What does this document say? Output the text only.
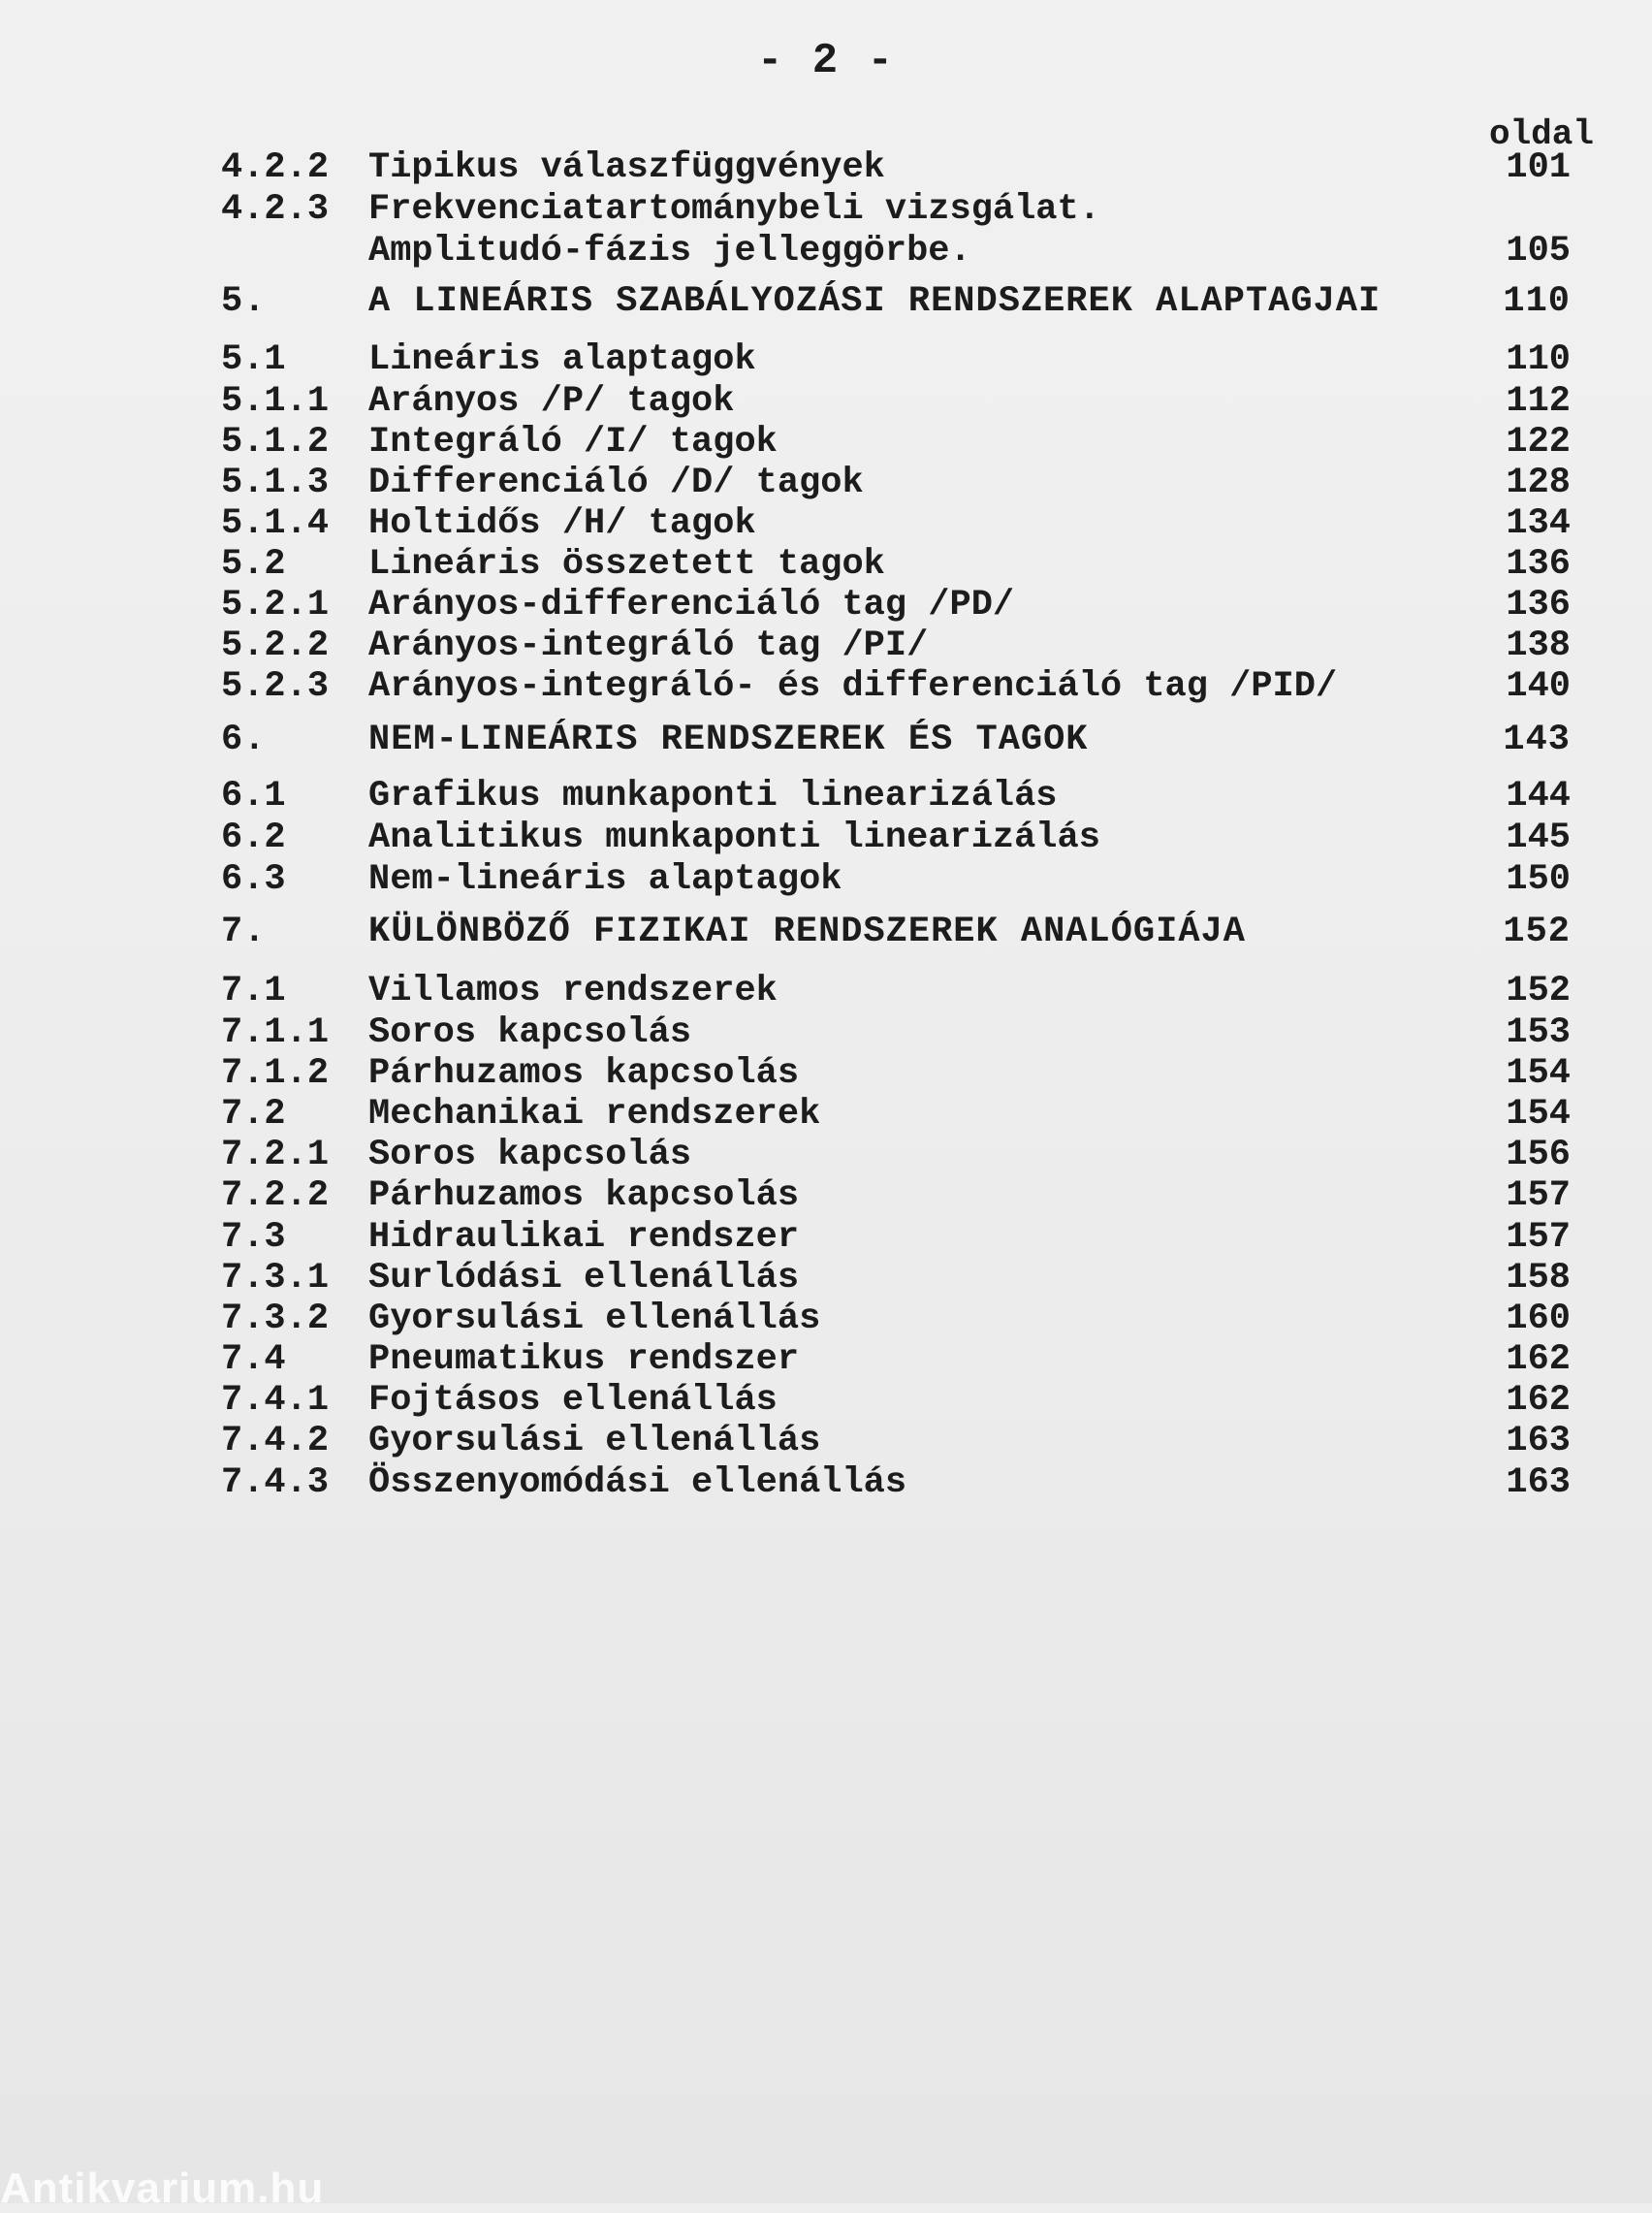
- 2 -
oldal
4.2.2 Tipikus válaszfüggvények	101
4.2.3 Frekvenciatartománybeli vizsgálat.
Amplitudó-fázis jelleggörbe.	105
5.	A LINEÁRIS SZABÁLYOZÁSI RENDSZEREK ALAPTAGJAI	110
5.1 Lineáris alaptagok	110
5.1.1 Arányos /P/ tagok	112
5.1.2 Integráló /I/ tagok	122
5.1.3 Differenciáló /D/ tagok	128
5.1.4 Holtidős /H/ tagok	134
5.2 Lineáris összetett tagok	136
5.2.1 Arányos-differenciáló tag /PD/	136
5.2.2 Arányos-integráló tag /PI/	138
5.2.3 Arányos-integráló- és differenciáló tag /PID/	140
6.	NEM-LINEÁRIS RENDSZEREK ÉS TAGOK	143
6.1 Grafikus munkaponti linearizálás	144
6.2 Analitikus munkaponti linearizálás	145
6.3 Nem-lineáris alaptagok	150
7.	KÜLÖNBÖZŐ FIZIKAI RENDSZEREK ANALÓGIÁJA	152
7.1 Villamos rendszerek	152
7.1.1 Soros kapcsolás	153
7.1.2 Párhuzamos kapcsolás	154
7.2 Mechanikai rendszerek	154
7.2.1 Soros kapcsolás	156
7.2.2 Párhuzamos kapcsolás	157
7.3 Hidraulikai rendszer	157
7.3.1 Surlódási ellenállás	158
7.3.2 Gyorsulási ellenállás	160
7.4 Pneumatikus rendszer	162
7.4.1 Fojtásos ellenállás	162
7.4.2 Gyorsulási ellenállás	163
7.4.3 Összenyomódási ellenállás	163
Antikvarium.hu
